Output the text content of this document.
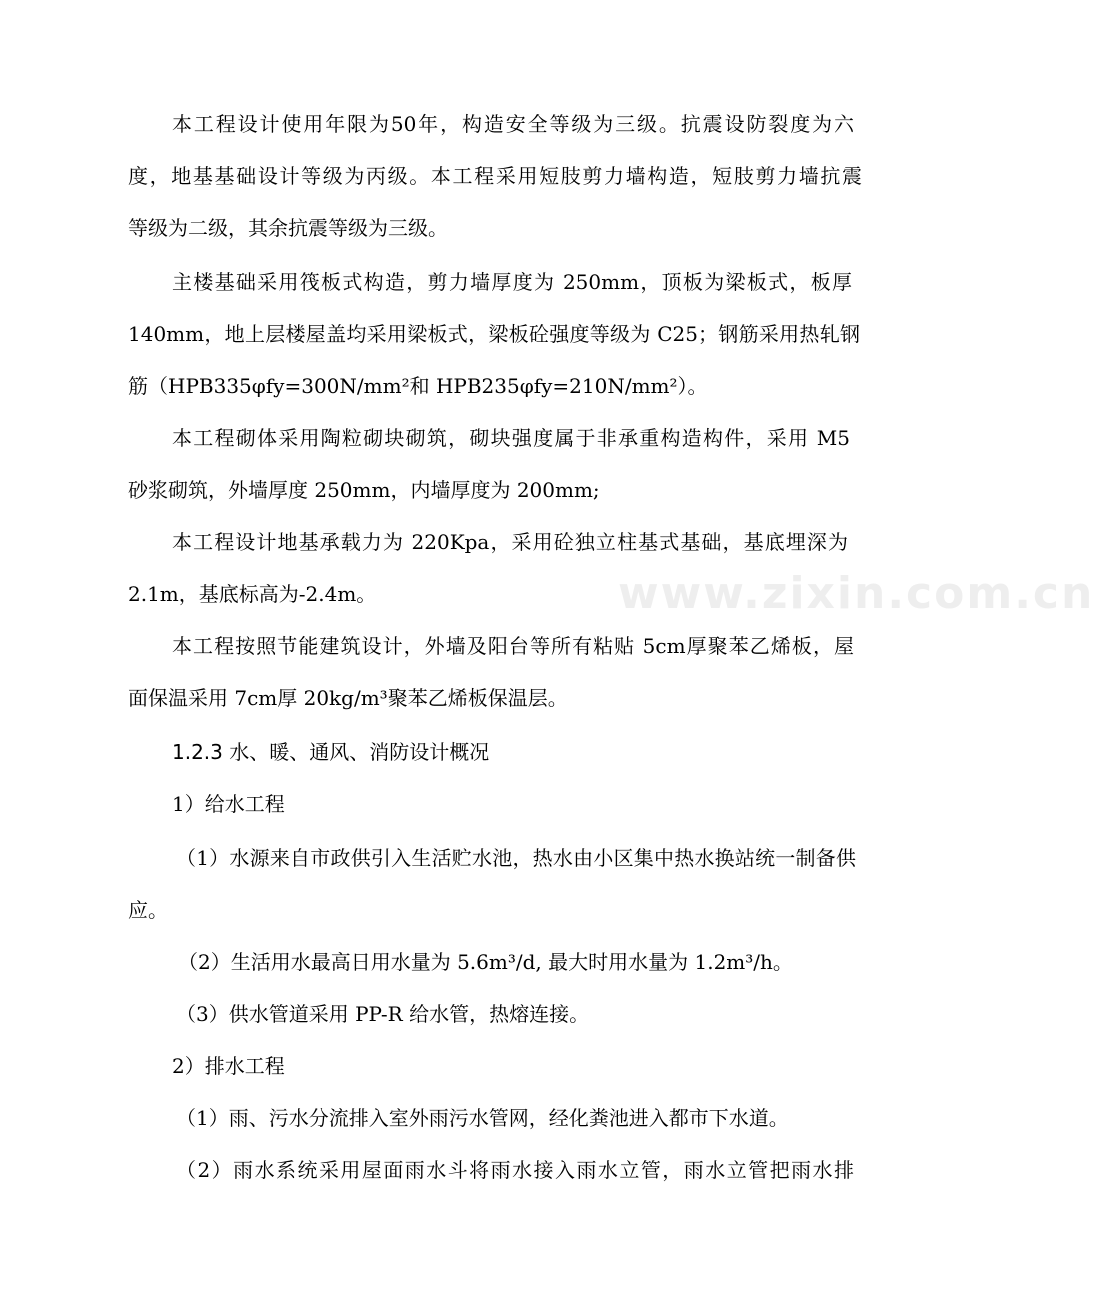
本工程设计使用年限为50年，构造安全等级为三级。抗震设防裂度为六
度，地基基础设计等级为丙级。本工程采用短肢剪力墙构造，短肢剪力墙抗震
等级为二级，其余抗震等级为三级。
主楼基础采用筏板式构造，剪力墙厚度为 250mm，顶板为梁板式，板厚
140mm，地上层楼屋盖均采用梁板式，梁板砼强度等级为 C25；钢筋采用热轧钢
筋（HPB335φfy=300N/mm²和 HPB235φfy=210N/mm²）。
本工程砌体采用陶粒砌块砌筑，砌块强度属于非承重构造构件，采用 M5
砂浆砌筑，外墙厚度 250mm，内墙厚度为 200mm;
本工程设计地基承载力为 220Kpa，采用砼独立柱基式基础，基底埋深为
2.1m，基底标高为-2.4m。	www.zixin.com.cn
本工程按照节能建筑设计，外墙及阳台等所有粘贴 5cm厚聚苯乙烯板，屋
面保温采用 7cm厚 20kg/m³聚苯乙烯板保温层。
1.2.3 水、暖、通风、消防设计概况
1）给水工程
（1）水源来自市政供引入生活贮水池，热水由小区集中热水换站统一制备供
应。
（2）生活用水最高日用水量为 5.6m³/d, 最大时用水量为 1.2m³/h。
（3）供水管道采用 PP-R 给水管，热熔连接。
2）排水工程
（1）雨、污水分流排入室外雨污水管网，经化粪池进入都市下水道。
（2）雨水系统采用屋面雨水斗将雨水接入雨水立管，雨水立管把雨水排
